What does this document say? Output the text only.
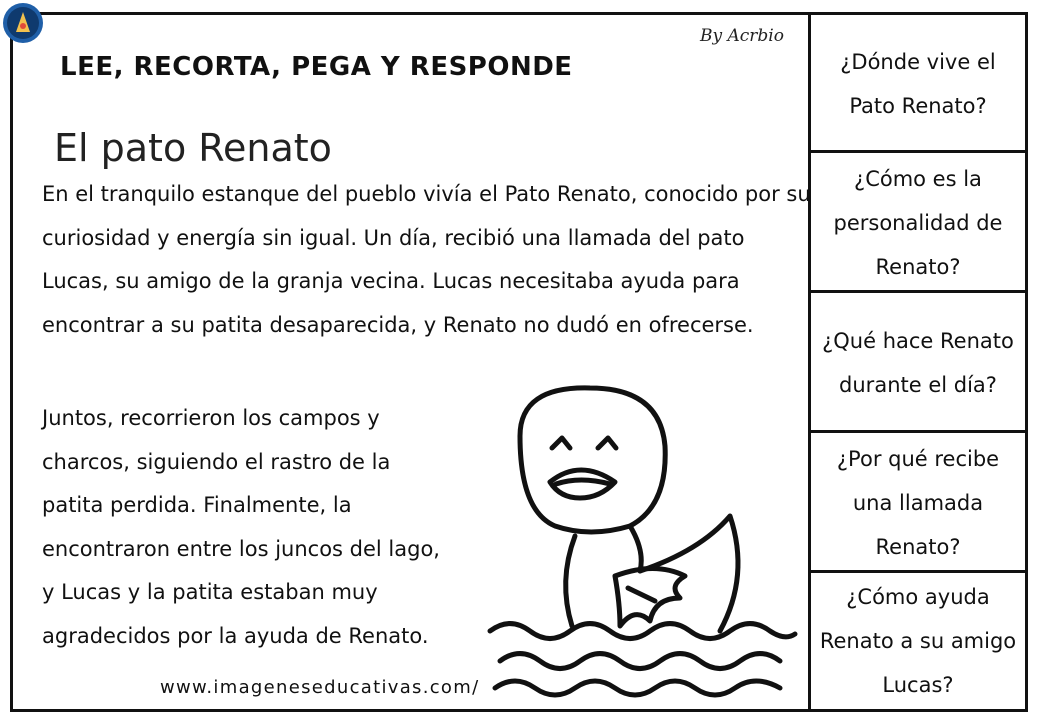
By Acrbio
LEE, RECORTA, PEGA Y RESPONDE
El pato Renato

En el tranquilo estanque del pueblo vivía el Pato Renato, conocido por su curiosidad y energía sin igual. Un día, recibió una llamada del pato Lucas, su amigo de la granja vecina. Lucas necesitaba ayuda para encontrar a su patita desaparecida, y Renato no dudó en ofrecerse.

Juntos, recorrieron los campos y charcos, siguiendo el rastro de la patita perdida. Finalmente, la encontraron entre los juncos del lago, y Lucas y la patita estaban muy agradecidos por la ayuda de Renato.

www.imageneseducativas.com/
¿Dónde vive el Pato Renato?
¿Cómo es la personalidad de Renato?
¿Qué hace Renato durante el día?
¿Por qué recibe una llamada Renato?
¿Cómo ayuda Renato a su amigo Lucas?
